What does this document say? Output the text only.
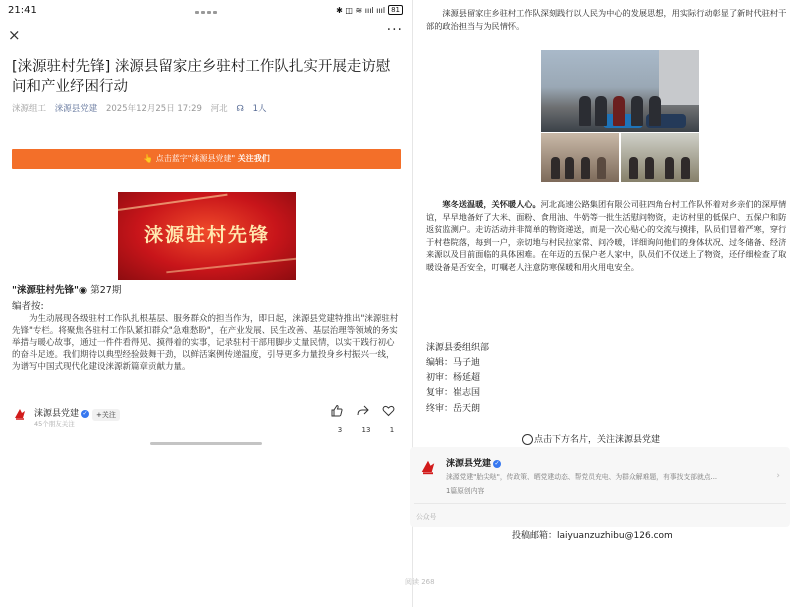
21:41	✱ ◫ ≋ ıııl ıııl 81
×	···
[涞源驻村先锋] 涞源县留家庄乡驻村工作队扎实开展走访慰问和产业纾困行动
涞源组工 涞源县党建 2025年12月25日 17:29 河北 ☊ 1人
👆 点击蓝字"涞源县党建" 关注我们
涞源驻村先锋
"涞源驻村先锋"◉ 第27期
编者按:
为生动展现各级驻村工作队扎根基层、服务群众的担当作为，即日起，涞源县党建特推出"涞源驻村先锋"专栏。将聚焦各驻村工作队紧扣群众"急难愁盼"，在产业发展、民生改善、基层治理等领域的务实举措与暖心故事，通过一件件看得见、摸得着的实事，记录驻村干部用脚步丈量民情，以实干践行初心的奋斗足迹。我们期待以典型经验鼓舞干劲，以鲜活案例传递温度，引导更多力量投身乡村振兴一线，为谱写中国式现代化建设涞源新篇章贡献力量。
涞源县党建 ✓
45个朋友关注
+关注
3	13	1
涞源县留家庄乡驻村工作队深刻践行以人民为中心的发展思想，用实际行动彰显了新时代驻村干部的政治担当与为民情怀。
寒冬送温暖，关怀暖人心。河北高速公路集团有限公司驻四角台村工作队怀着对乡亲们的深厚情谊，早早地备好了大米、面粉、食用油、牛奶等一批生活慰问物资，走访村里的低保户、五保户和防返贫监测户。走访活动并非简单的物资递送，而是一次心贴心的交流与摸排，队员们冒着严寒，穿行于村巷院落，每到一户，亲切地与村民拉家常、问冷暖，详细询问他们的身体状况、过冬储备、经济来源以及目前面临的具体困难。在年迈的五保户老人家中，队员们不仅送上了物资，还仔细检查了取暖设备是否安全，叮嘱老人注意防寒保暖和用火用电安全。
涞源县委组织部
编辑：马子迪
初审：杨延超
复审：崔志国
终审：岳天朗
点击下方名片，关注涞源县党建
涞源县党建 ✓
涞源党建"胎尖哒"，传政策、晒党建动态、帮党员充电、为群众解难题，有事找支部就点...
1篇原创内容
›
公众号
投稿邮箱：laiyuanzuzhibu@126.com
阅读 268
